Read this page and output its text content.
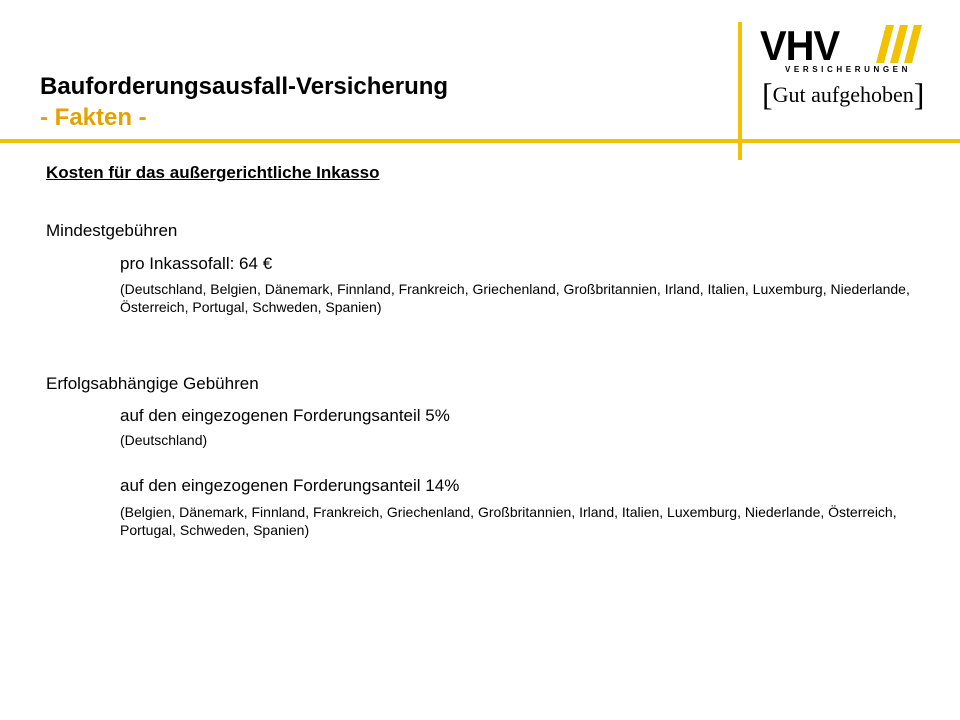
Bauforderungsausfall-Versicherung
- Fakten -
VHV
VERSICHERUNGEN
[Gut aufgehoben]
Kosten für das außergerichtliche Inkasso
Mindestgebühren
pro Inkassofall: 64 €
(Deutschland, Belgien, Dänemark, Finnland, Frankreich, Griechenland, Großbritannien, Irland, Italien, Luxemburg, Niederlande, Österreich, Portugal, Schweden, Spanien)
Erfolgsabhängige Gebühren
auf den eingezogenen Forderungsanteil 5%
(Deutschland)
auf den eingezogenen Forderungsanteil 14%
(Belgien, Dänemark, Finnland, Frankreich, Griechenland, Großbritannien, Irland, Italien, Luxemburg, Niederlande, Österreich, Portugal, Schweden, Spanien)
